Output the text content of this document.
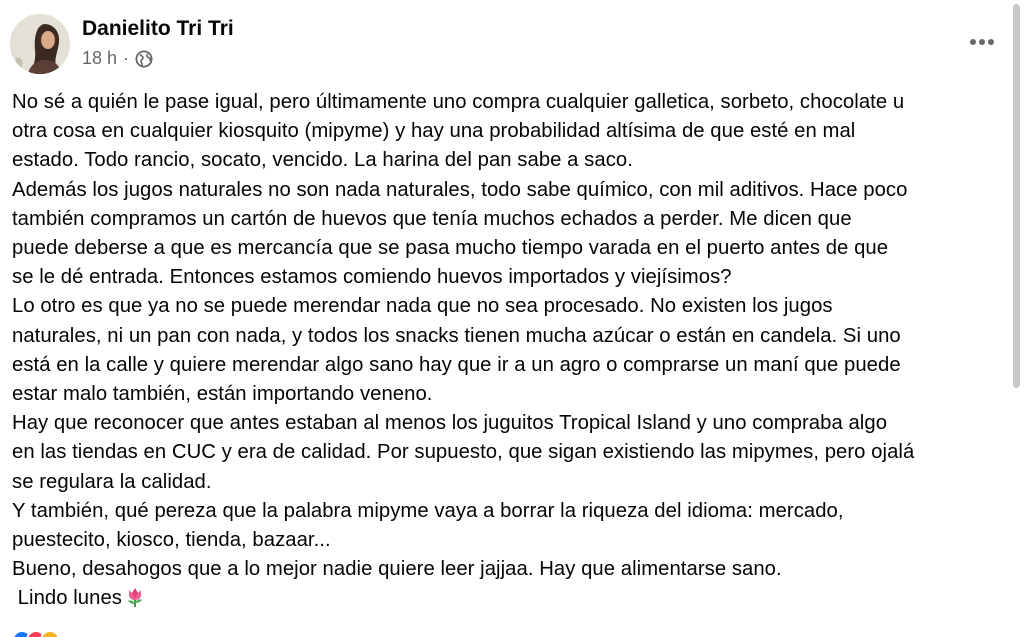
Danielito Tri Tri
18 h ·
No sé a quién le pase igual, pero últimamente uno compra cualquier galletica, sorbeto, chocolate u
otra cosa en cualquier kiosquito (mipyme) y hay una probabilidad altísima de que esté en mal
estado. Todo rancio, socato, vencido. La harina del pan sabe a saco.
Además los jugos naturales no son nada naturales, todo sabe químico, con mil aditivos. Hace poco
también compramos un cartón de huevos que tenía muchos echados a perder. Me dicen que
puede deberse a que es mercancía que se pasa mucho tiempo varada en el puerto antes de que
se le dé entrada. Entonces estamos comiendo huevos importados y viejísimos?
Lo otro es que ya no se puede merendar nada que no sea procesado. No existen los jugos
naturales, ni un pan con nada, y todos los snacks tienen mucha azúcar o están en candela. Si uno
está en la calle y quiere merendar algo sano hay que ir a un agro o comprarse un maní que puede
estar malo también, están importando veneno.
Hay que reconocer que antes estaban al menos los juguitos Tropical Island y uno compraba algo
en las tiendas en CUC y era de calidad. Por supuesto, que sigan existiendo las mipymes, pero ojalá
se regulara la calidad.
Y también, qué pereza que la palabra mipyme vaya a borrar la riqueza del idioma: mercado,
puestecito, kiosco, tienda, bazaar...
Bueno, desahogos que a lo mejor nadie quiere leer jajjaa. Hay que alimentarse sano.
Lindo lunes
